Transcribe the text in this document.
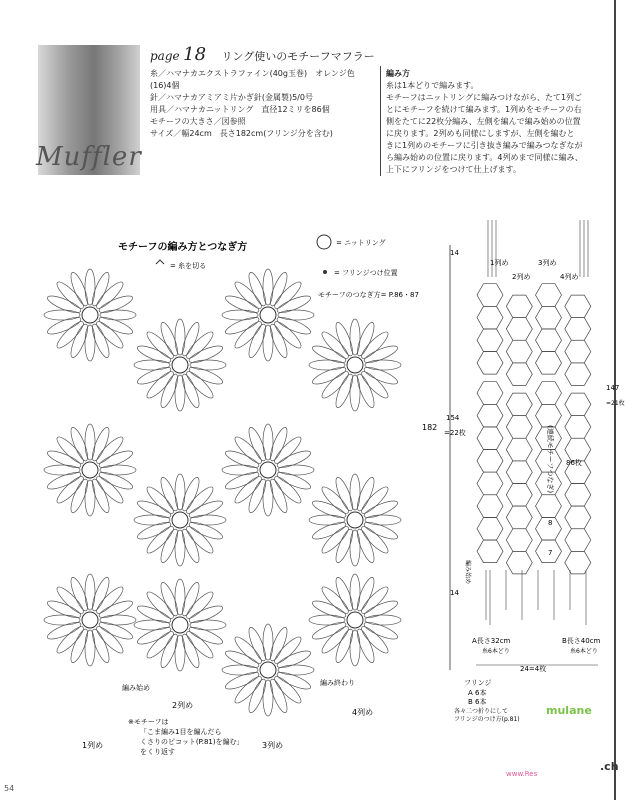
Muffler
page 18 リング使いのモチーフマフラー
糸／ハマナカエクストラファイン(40g玉巻)　オレンジ色(16)4個
針／ハマナカアミアミ片かぎ針(金属製)5/0号
用具／ハマナカニットリング　直径12ミリを86個
モチーフの大きさ／図参照
サイズ／幅24cm　長さ182cm(フリンジ分を含む)
編み方
糸は1本どりで編みます。
モチーフはニットリングに編みつけながら、たて1列ご
とにモチーフを続けて編みます。1列めをモチーフの右
側をたてに22枚分編み、左側を編んで編み始めの位置
に戻ります。2列めも同様にしますが、左側を編むと
きに1列めのモチーフに引き抜き編みで編みつなぎなが
ら編み始めの位置に戻ります。4列めまで同様に編み、
上下にフリンジをつけて仕上げます。
モチーフの編み方とつなぎ方	= ニットリング
= 糸を切る
= フリンジつけ位置
モチーフのつなぎ方= P.86・87
編み始め
編み終わり
1列め
2列め
3列め
4列め
※モチーフは
「こま編み1目を編んだら
くさりのピコット(P.81)を編む」
をくり返す
14
182
154
=22枚
14
147
=21枚
1列め
2列め
3列め
4列め
(連続モチーフつなぎ) 86枚
8
7
編み始め
A長さ32cm
糸6本どり
B長さ40cm
糸6本どり
24=4枚
フリンジ
A 6本
B 6本
各々二つ折りにして
フリンジのつけ方(p.81)
54
mulane
.ch
www.Res
